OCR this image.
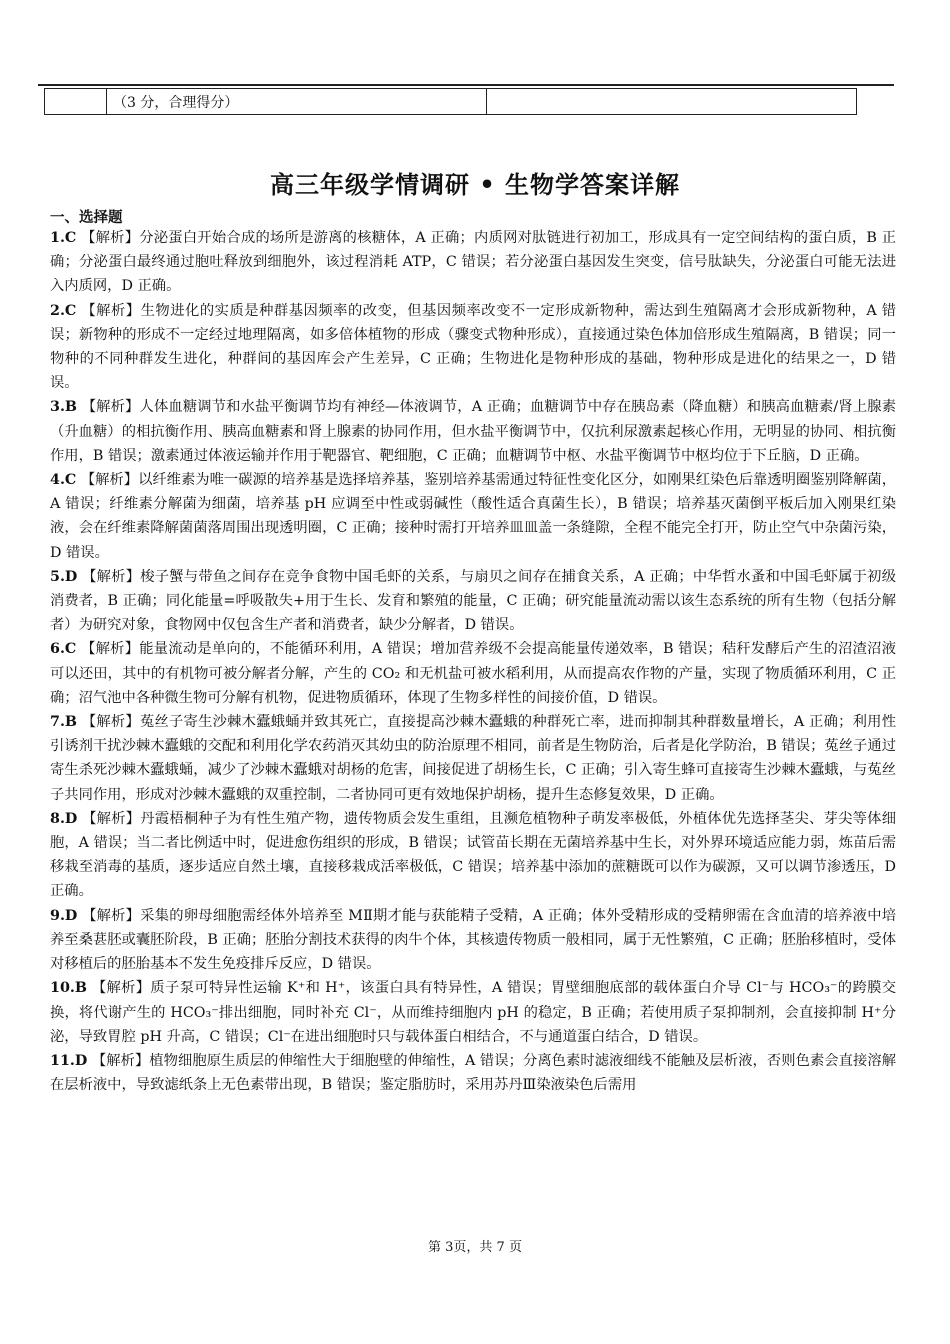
	（3 分，合理得分）	
高三年级学情调研 • 生物学答案详解
一、选择题

1.C 【解析】分泌蛋白开始合成的场所是游离的核糖体，A 正确；内质网对肽链进行初加工，形成具有一定空间结构的蛋白质，B 正确；分泌蛋白最终通过胞吐释放到细胞外，该过程消耗 ATP，C 错误；若分泌蛋白基因发生突变，信号肽缺失，分泌蛋白可能无法进入内质网，D 正确。

2.C 【解析】生物进化的实质是种群基因频率的改变，但基因频率改变不一定形成新物种，需达到生殖隔离才会形成新物种，A 错误；新物种的形成不一定经过地理隔离，如多倍体植物的形成（骤变式物种形成），直接通过染色体加倍形成生殖隔离，B 错误；同一物种的不同种群发生进化，种群间的基因库会产生差异，C 正确；生物进化是物种形成的基础，物种形成是进化的结果之一，D 错误。

3.B 【解析】人体血糖调节和水盐平衡调节均有神经—体液调节，A 正确；血糖调节中存在胰岛素（降血糖）和胰高血糖素/肾上腺素（升血糖）的相抗衡作用、胰高血糖素和肾上腺素的协同作用，但水盐平衡调节中，仅抗利尿激素起核心作用，无明显的协同、相抗衡作用，B 错误；激素通过体液运输并作用于靶器官、靶细胞，C 正确；血糖调节中枢、水盐平衡调节中枢均位于下丘脑，D 正确。

4.C 【解析】以纤维素为唯一碳源的培养基是选择培养基，鉴别培养基需通过特征性变化区分，如刚果红染色后靠透明圈鉴别降解菌，A 错误；纤维素分解菌为细菌，培养基 pH 应调至中性或弱碱性（酸性适合真菌生长），B 错误；培养基灭菌倒平板后加入刚果红染液，会在纤维素降解菌菌落周围出现透明圈，C 正确；接种时需打开培养皿皿盖一条缝隙，全程不能完全打开，防止空气中杂菌污染，D 错误。

5.D 【解析】梭子蟹与带鱼之间存在竞争食物中国毛虾的关系，与扇贝之间存在捕食关系，A 正确；中华哲水蚤和中国毛虾属于初级消费者，B 正确；同化能量=呼吸散失+用于生长、发育和繁殖的能量，C 正确；研究能量流动需以该生态系统的所有生物（包括分解者）为研究对象，食物网中仅包含生产者和消费者，缺少分解者，D 错误。

6.C 【解析】能量流动是单向的，不能循环利用，A 错误；增加营养级不会提高能量传递效率，B 错误；秸秆发酵后产生的沼渣沼液可以还田，其中的有机物可被分解者分解，产生的 CO₂ 和无机盐可被水稻利用，从而提高农作物的产量，实现了物质循环利用，C 正确；沼气池中各种微生物可分解有机物，促进物质循环，体现了生物多样性的间接价值，D 错误。

7.B 【解析】菟丝子寄生沙棘木蠹蛾蛹并致其死亡，直接提高沙棘木蠹蛾的种群死亡率，进而抑制其种群数量增长，A 正确；利用性引诱剂干扰沙棘木蠹蛾的交配和利用化学农药消灭其幼虫的防治原理不相同，前者是生物防治，后者是化学防治，B 错误；菟丝子通过寄生杀死沙棘木蠹蛾蛹，减少了沙棘木蠹蛾对胡杨的危害，间接促进了胡杨生长，C 正确；引入寄生蜂可直接寄生沙棘木蠹蛾，与菟丝子共同作用，形成对沙棘木蠹蛾的双重控制，二者协同可更有效地保护胡杨，提升生态修复效果，D 正确。

8.D 【解析】丹霞梧桐种子为有性生殖产物，遗传物质会发生重组，且濒危植物种子萌发率极低，外植体优先选择茎尖、芽尖等体细胞，A 错误；当二者比例适中时，促进愈伤组织的形成，B 错误；试管苗长期在无菌培养基中生长，对外界环境适应能力弱，炼苗后需移栽至消毒的基质，逐步适应自然土壤，直接移栽成活率极低，C 错误；培养基中添加的蔗糖既可以作为碳源，又可以调节渗透压，D 正确。

9.D 【解析】采集的卵母细胞需经体外培养至 MⅡ期才能与获能精子受精，A 正确；体外受精形成的受精卵需在含血清的培养液中培养至桑葚胚或囊胚阶段，B 正确；胚胎分割技术获得的肉牛个体，其核遗传物质一般相同，属于无性繁殖，C 正确；胚胎移植时，受体对移植后的胚胎基本不发生免疫排斥反应，D 错误。

10.B 【解析】质子泵可特异性运输 K⁺和 H⁺，该蛋白具有特异性，A 错误；胃壁细胞底部的载体蛋白介导 Cl⁻与 HCO₃⁻的跨膜交换，将代谢产生的 HCO₃⁻排出细胞，同时补充 Cl⁻，从而维持细胞内 pH 的稳定，B 正确；若使用质子泵抑制剂，会直接抑制 H⁺分泌，导致胃腔 pH 升高，C 错误；Cl⁻在进出细胞时只与载体蛋白相结合，不与通道蛋白结合，D 错误。

11.D 【解析】植物细胞原生质层的伸缩性大于细胞壁的伸缩性，A 错误；分离色素时滤液细线不能触及层析液，否则色素会直接溶解在层析液中，导致滤纸条上无色素带出现，B 错误；鉴定脂肪时，采用苏丹Ⅲ染液染色后需用

第 3页，共 7 页
